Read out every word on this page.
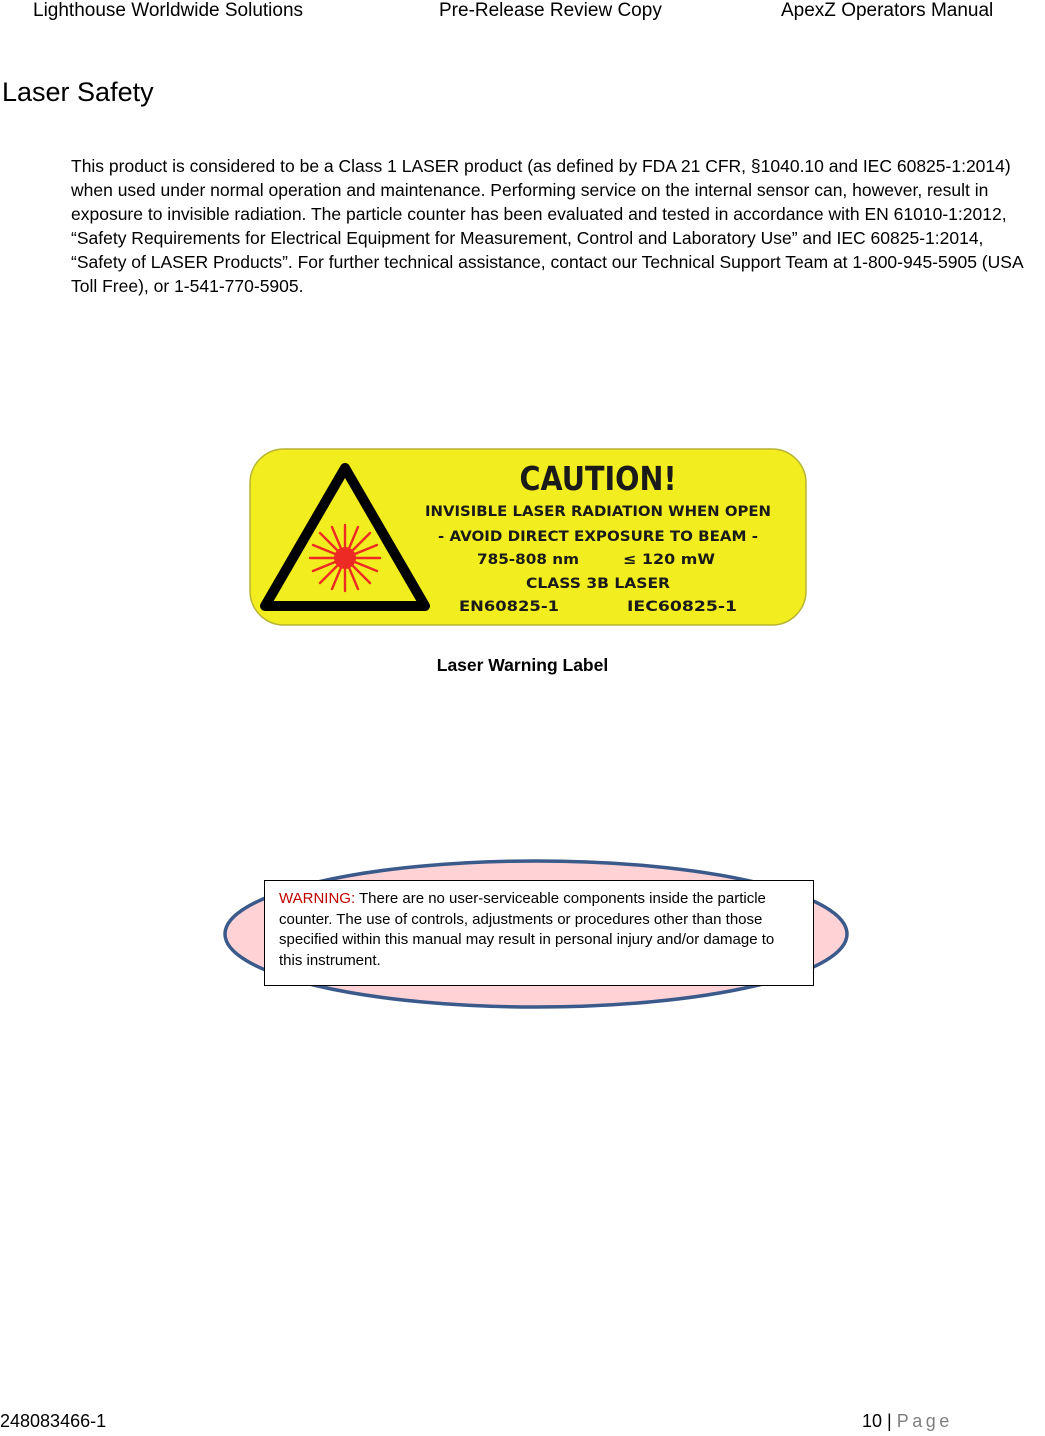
Lighthouse Worldwide Solutions	Pre-Release Review Copy	ApexZ Operators Manual
Laser Safety

This product is considered to be a Class 1 LASER product (as defined by FDA 21 CFR, §1040.10 and IEC 60825-1:2014) when used under normal operation and maintenance. Performing service on the internal sensor can, however, result in exposure to invisible radiation. The particle counter has been evaluated and tested in accordance with EN 61010-1:2012, “Safety Requirements for Electrical Equipment for Measurement, Control and Laboratory Use” and IEC 60825-1:2014, “Safety of LASER Products”. For further technical assistance, contact our Technical Support Team at 1-800-945-5905 (USA Toll Free), or 1-541-770-5905.

CAUTION!
INVISIBLE LASER RADIATION WHEN OPEN
- AVOID DIRECT EXPOSURE TO BEAM -
785-808 nm	≤ 120 mW
CLASS 3B LASER
EN60825-1	IEC60825-1
Laser Warning Label
WARNING: There are no user-serviceable components inside the particle counter. The use of controls, adjustments or procedures other than those specified within this manual may result in personal injury and/or damage to this instrument.
248083466-1	10 | Page
